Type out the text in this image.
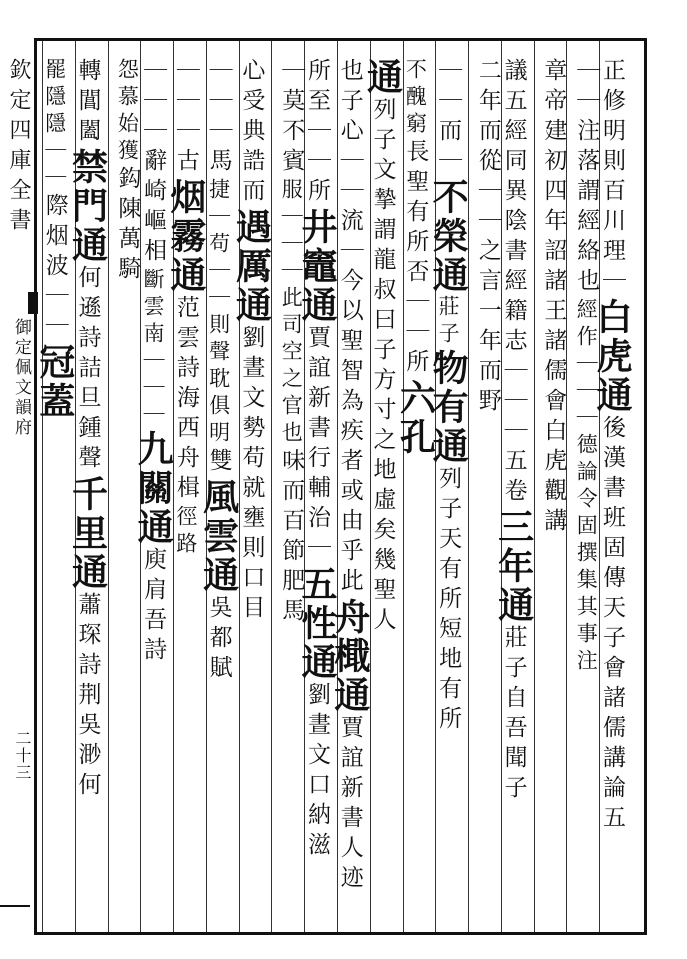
欽定四庫全書
御定佩文韻府
二十三
正修明則百川理｜白虎通後漢書班固傳天子會諸儒講論五
｜｜注落謂經絡也經作｜｜｜德論令固撰集其事注
章帝建初四年詔諸王諸儒會白虎觀講
議五經同異陰書經籍志｜｜｜五卷三年通莊子自吾聞子
二年而從｜｜之言一年而野
｜｜而｜不榮通莊子物有通列子天有所短地有所
不醜窮長聖有所否｜｜所六孔
通列子文摯謂龍叔曰子方寸之地虛矣幾聖人
也子心｜｜流｜今以聖智為疾者或由乎此舟檝通賈誼新書人迹
所至｜｜所井竈通賈誼新書行輔治｜五性通劉晝文口納滋
｜莫不賓服｜｜｜此司空之官也味而百節肥馬
心受典誥而遇厲通劉晝文勢苟就壅則口目
｜｜｜馬捷｜苟｜｜則聲耽俱明雙風雲通吳都賦
｜｜｜古烟霧通范雲詩海西舟楫徑路
｜｜｜辭崎嶇相斷雲南｜｜｜九關通庾肩吾詩
怨慕始獲鈎陳萬騎
轉閶闔禁門通何遜詩詰旦鍾聲千里通蕭琛詩荆吳渺何
罷隱隱｜｜際烟波｜｜冠蓋
